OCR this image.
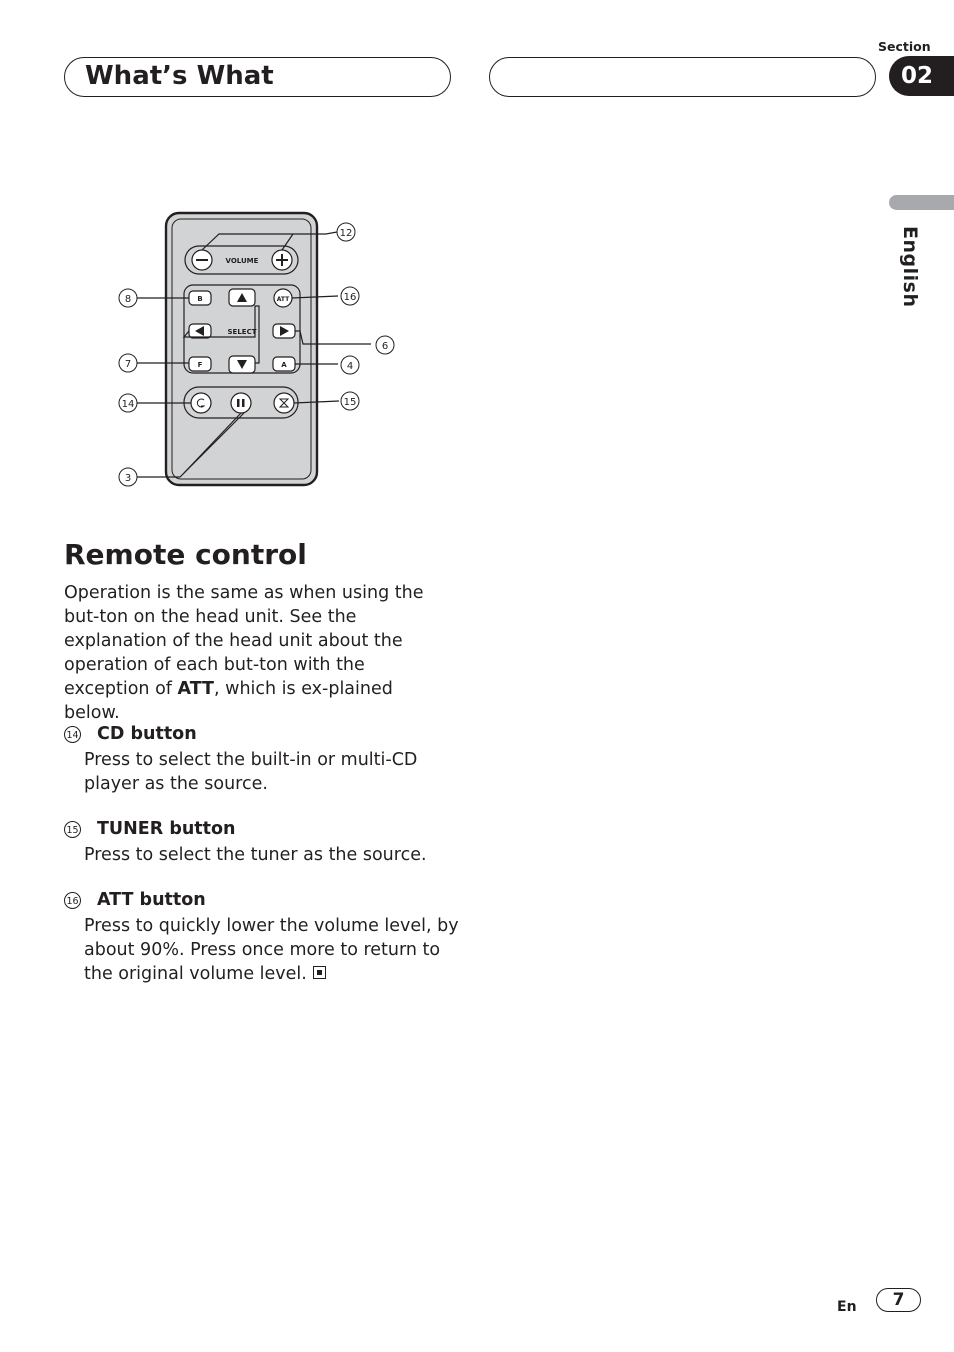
Section
02
What’s What
English
VOLUME
SELECT
B	ATT
F	A
12
16
8
6
7	4
14	15
3
Remote control
Operation is the same as when using the but-ton on the head unit. See the explanation of the head unit about the operation of each but-ton with the exception of ATT, which is ex-plained below.
14 CD button
Press to select the built-in or multi-CD player as the source.
15 TUNER button
Press to select the tuner as the source.
16 ATT button
Press to quickly lower the volume level, by about 90%. Press once more to return to the original volume level.
En	7
